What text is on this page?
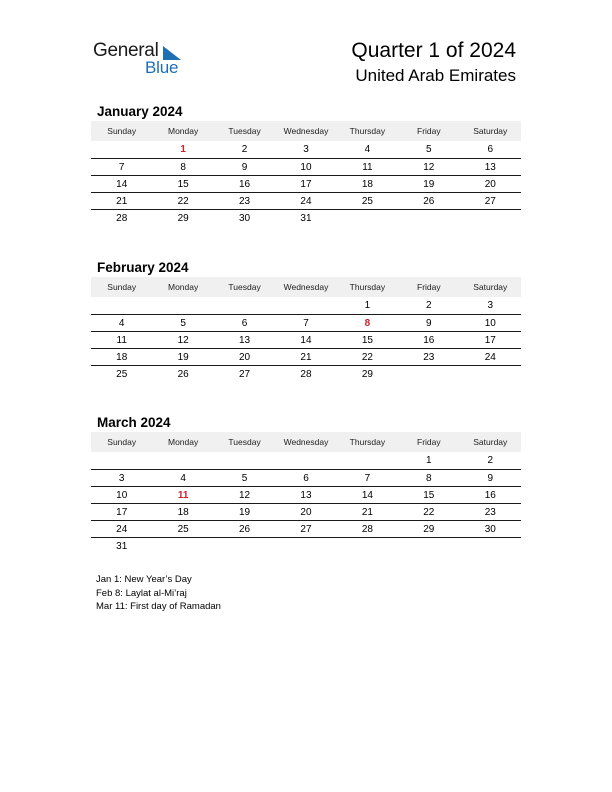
General
Blue
Quarter 1 of 2024
United Arab Emirates
January 2024
Sunday	Monday	Tuesday	Wednesday	Thursday	Friday	Saturday
	1	2	3	4	5	6
7	8	9	10	11	12	13
14	15	16	17	18	19	20
21	22	23	24	25	26	27
28	29	30	31			
February 2024
Sunday	Monday	Tuesday	Wednesday	Thursday	Friday	Saturday
				1	2	3
4	5	6	7	8	9	10
11	12	13	14	15	16	17
18	19	20	21	22	23	24
25	26	27	28	29		
March 2024
Sunday	Monday	Tuesday	Wednesday	Thursday	Friday	Saturday
					1	2
3	4	5	6	7	8	9
10	11	12	13	14	15	16
17	18	19	20	21	22	23
24	25	26	27	28	29	30
31						
Jan 1: New Year’s Day
Feb 8: Laylat al-Mi’raj
Mar 11: First day of Ramadan
